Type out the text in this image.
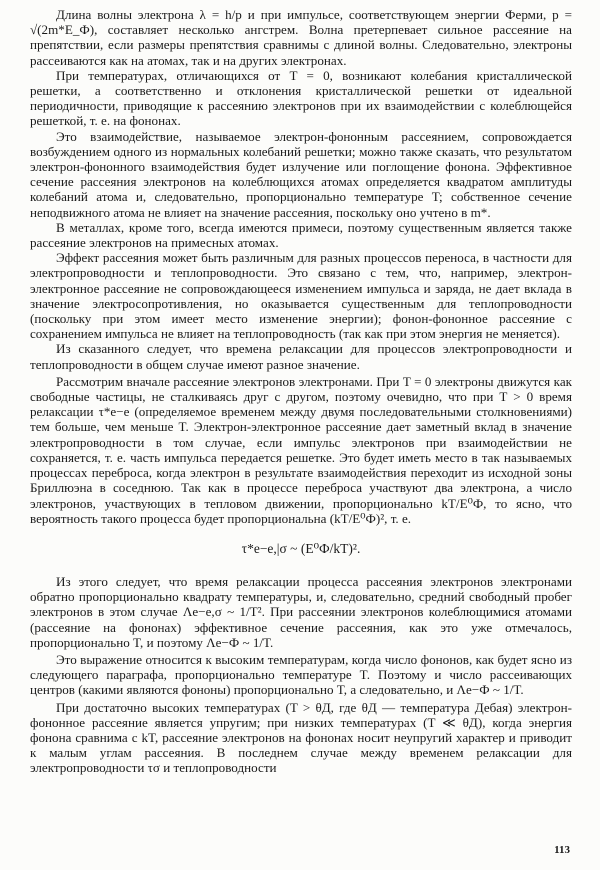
Длина волны электрона λ = h/p и при импульсе, соответствующем энергии Ферми, p = √(2m*E_Ф), составляет несколько ангстрем. Волна претерпевает сильное рассеяние на препятствии, если размеры препятствия сравнимы с длиной волны. Следовательно, электроны рассеиваются как на атомах, так и на других электронах.

При температурах, отличающихся от T = 0, возникают колебания кристаллической решетки, а соответственно и отклонения кристаллической решетки от идеальной периодичности, приводящие к рассеянию электронов при их взаимодействии с колеблющейся решеткой, т. е. на фононах.

Это взаимодействие, называемое электрон-фононным рассеянием, сопровождается возбуждением одного из нормальных колебаний решетки; можно также сказать, что результатом электрон-фононного взаимодействия будет излучение или поглощение фонона. Эффективное сечение рассеяния электронов на колеблющихся атомах определяется квадратом амплитуды колебаний атома и, следовательно, пропорционально температуре T; собственное сечение неподвижного атома не влияет на значение рассеяния, поскольку оно учтено в m*.

В металлах, кроме того, всегда имеются примеси, поэтому существенным является также рассеяние электронов на примесных атомах.

Эффект рассеяния может быть различным для разных процессов переноса, в частности для электропроводности и теплопроводности. Это связано с тем, что, например, электрон-электронное рассеяние не сопровождающееся изменением импульса и заряда, не дает вклада в значение электросопротивления, но оказывается существенным для теплопроводности (поскольку при этом имеет место изменение энергии); фонон-фононное рассеяние с сохранением импульса не влияет на теплопроводность (так как при этом энергия не меняется).

Из сказанного следует, что времена релаксации для процессов электропроводности и теплопроводности в общем случае имеют разное значение.

Рассмотрим вначале рассеяние электронов электронами. При T = 0 электроны движутся как свободные частицы, не сталкиваясь друг с другом, поэтому очевидно, что при T > 0 время релаксации τ*e−e (определяемое временем между двумя последовательными столкновениями) тем больше, чем меньше T. Электрон-электронное рассеяние дает заметный вклад в значение электропроводности в том случае, если импульс электронов при взаимодействии не сохраняется, т. е. часть импульса передается решетке. Это будет иметь место в так называемых процессах переброса, когда электрон в результате взаимодействия переходит из исходной зоны Бриллюэна в соседнюю. Так как в процессе переброса участвуют два электрона, а число электронов, участвующих в тепловом движении, пропорционально kT/E⁰Ф, то ясно, что вероятность такого процесса будет пропорциональна (kT/E⁰Ф)², т. е.

τ*e−e,|σ ~ (E⁰Ф/kT)².

Из этого следует, что время релаксации процесса рассеяния электронов электронами обратно пропорционально квадрату температуры, и, следовательно, средний свободный пробег электронов в этом случае Λe−e,σ ~ 1/T². При рассеянии электронов колеблющимися атомами (рассеяние на фононах) эффективное сечение рассеяния, как это уже отмечалось, пропорционально T, и поэтому Λe−Ф ~ 1/T.

Это выражение относится к высоким температурам, когда число фононов, как будет ясно из следующего параграфа, пропорционально температуре T. Поэтому и число рассеивающих центров (какими являются фононы) пропорционально T, а следовательно, и Λe−Ф ~ 1/T.

При достаточно высоких температурах (T > θД, где θД — температура Дебая) электрон-фононное рассеяние является упругим; при низких температурах (T ≪ θД), когда энергия фонона сравнима с kT, рассеяние электронов на фононах носит неупругий характер и приводит к малым углам рассеяния. В последнем случае между временем релаксации для электропроводности τσ и теплопроводности

113
